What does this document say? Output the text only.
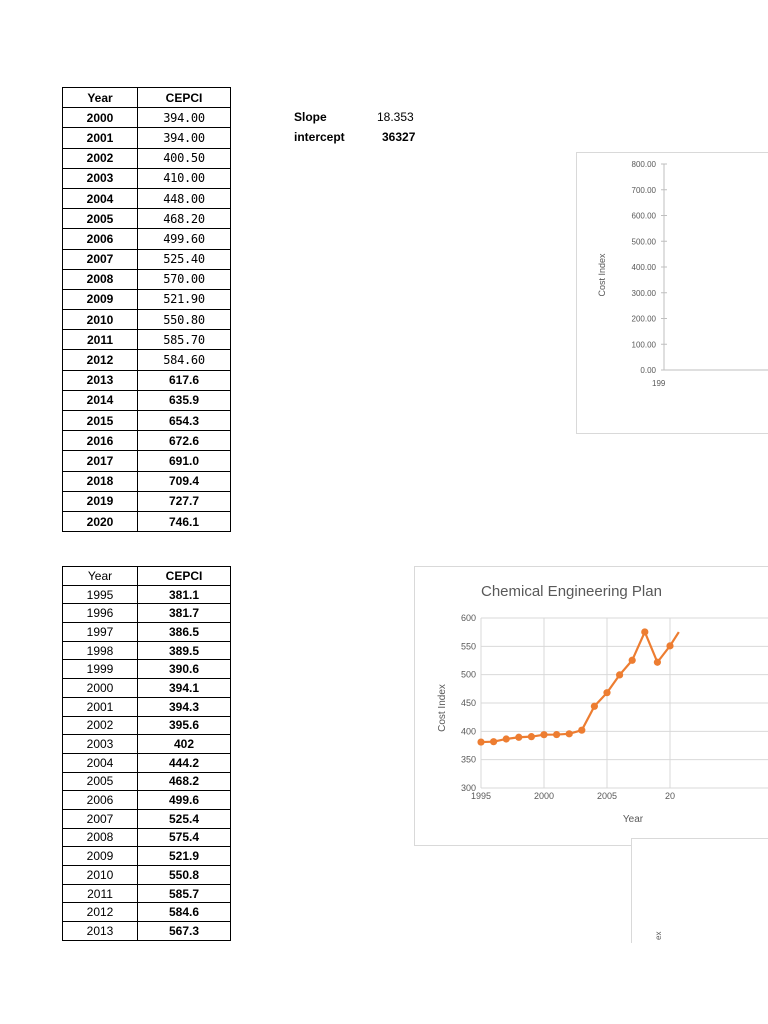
Year	CEPCI
2000	394.00
2001	394.00
2002	400.50
2003	410.00
2004	448.00
2005	468.20
2006	499.60
2007	525.40
2008	570.00
2009	521.90
2010	550.80
2011	585.70
2012	584.60
2013	617.6
2014	635.9
2015	654.3
2016	672.6
2017	691.0
2018	709.4
2019	727.7
2020	746.1
Slope	18.353
intercept	36327
800.00
700.00
600.00
500.00
400.00
300.00
200.00
100.00
0.00
199
Cost Index
Year	CEPCI
1995	381.1
1996	381.7
1997	386.5
1998	389.5
1999	390.6
2000	394.1
2001	394.3
2002	395.6
2003	402
2004	444.2
2005	468.2
2006	499.6
2007	525.4
2008	575.4
2009	521.9
2010	550.8
2011	585.7
2012	584.6
2013	567.3
600
550
500
450
400
350
300
1995	2000	2005	20
Chemical Engineering Plan
Year
Cost Index
ex
